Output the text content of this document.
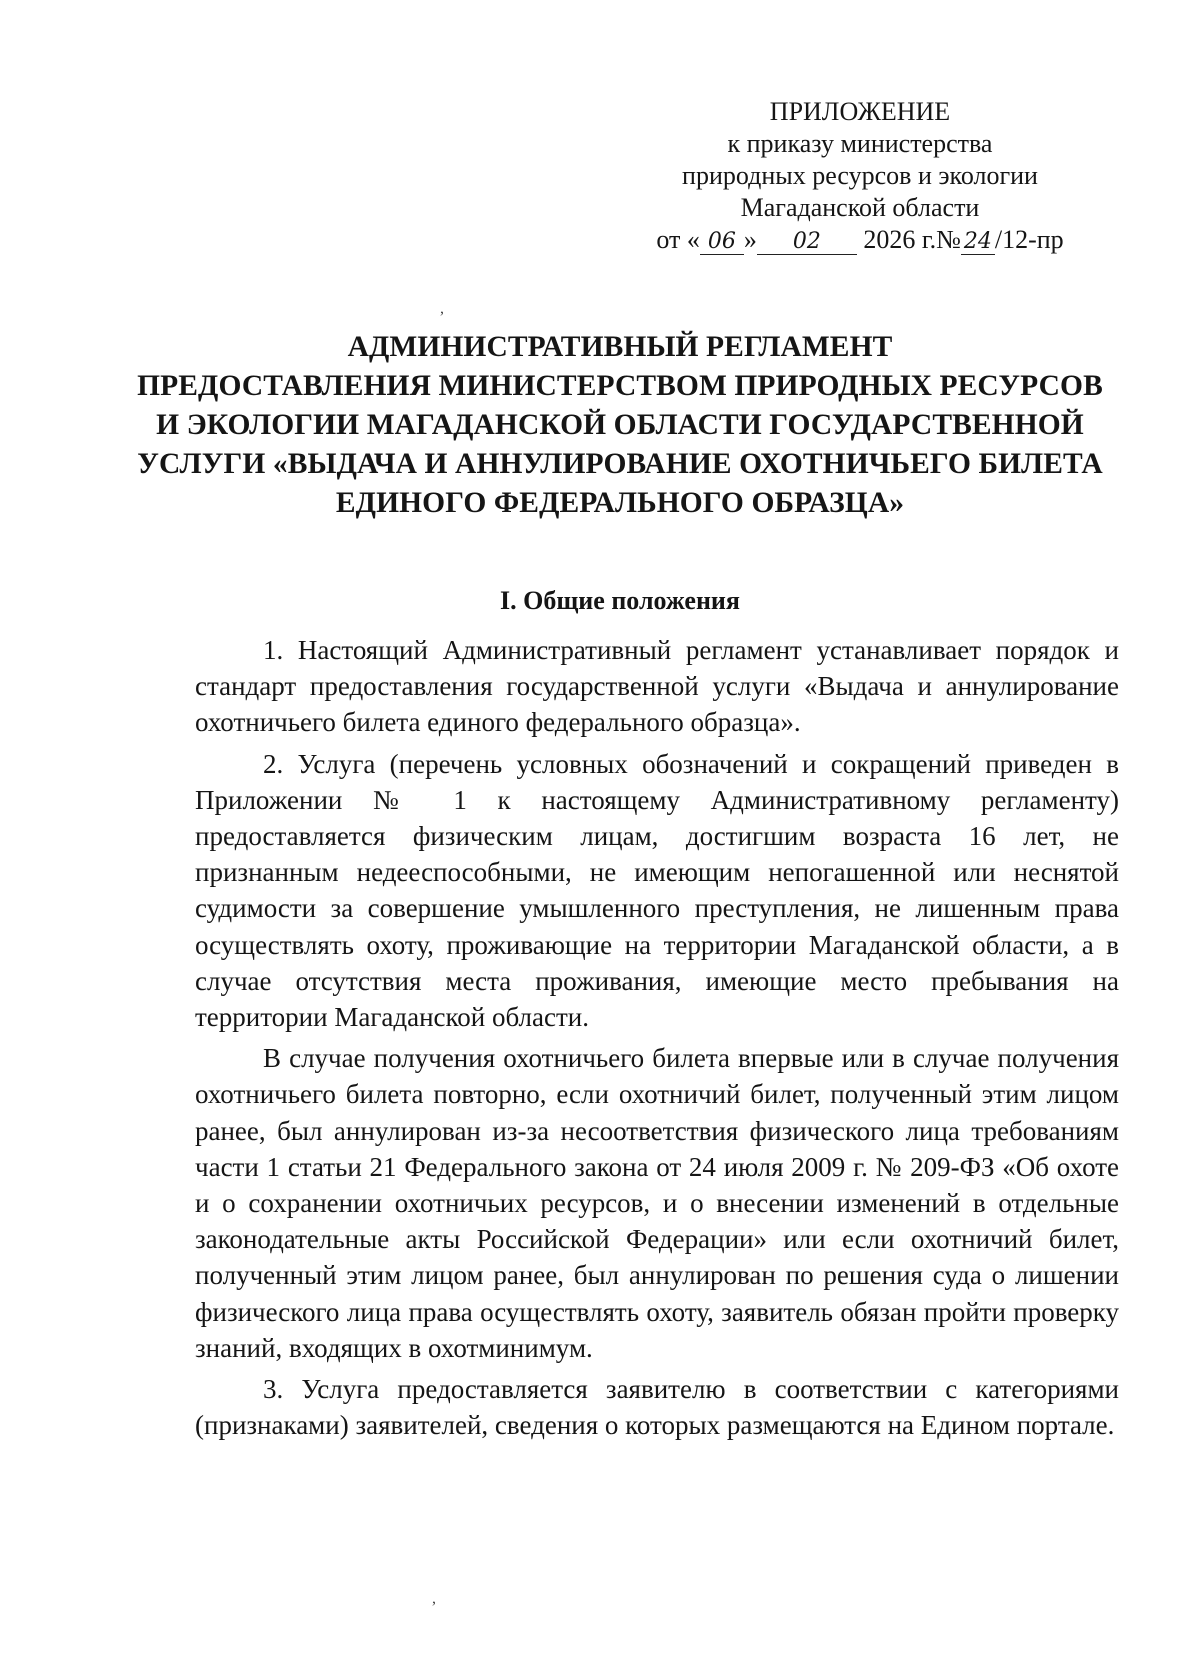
ПРИЛОЖЕНИЕ
к приказу министерства
природных ресурсов и экологии
Магаданской области
от « 06 » 02 2026 г.№ 24 /12-пр
АДМИНИСТРАТИВНЫЙ РЕГЛАМЕНТ
ПРЕДОСТАВЛЕНИЯ МИНИСТЕРСТВОМ ПРИРОДНЫХ РЕСУРСОВ
И ЭКОЛОГИИ МАГАДАНСКОЙ ОБЛАСТИ ГОСУДАРСТВЕННОЙ
УСЛУГИ «ВЫДАЧА И АННУЛИРОВАНИЕ ОХОТНИЧЬЕГО БИЛЕТА
ЕДИНОГО ФЕДЕРАЛЬНОГО ОБРАЗЦА»
I. Общие положения

1. Настоящий Административный регламент устанавливает порядок и стандарт предоставления государственной услуги «Выдача и аннулирование охотничьего билета единого федерального образца».

2. Услуга (перечень условных обозначений и сокращений приведен в Приложении № 1 к настоящему Административному регламенту) предоставляется физическим лицам, достигшим возраста 16 лет, не признанным недееспособными, не имеющим непогашенной или неснятой судимости за совершение умышленного преступления, не лишенным права осуществлять охоту, проживающие на территории Магаданской области, а в случае отсутствия места проживания, имеющие место пребывания на территории Магаданской области.

В случае получения охотничьего билета впервые или в случае получения охотничьего билета повторно, если охотничий билет, полученный этим лицом ранее, был аннулирован из-за несоответствия физического лица требованиям части 1 статьи 21 Федерального закона от 24 июля 2009 г. № 209-ФЗ «Об охоте и о сохранении охотничьих ресурсов, и о внесении изменений в отдельные законодательные акты Российской Федерации» или если охотничий билет, полученный этим лицом ранее, был аннулирован по решения суда о лишении физического лица права осуществлять охоту, заявитель обязан пройти проверку знаний, входящих в охотминимум.

3. Услуга предоставляется заявителю в соответствии с категориями (признаками) заявителей, сведения о которых размещаются на Едином портале.

,
,
